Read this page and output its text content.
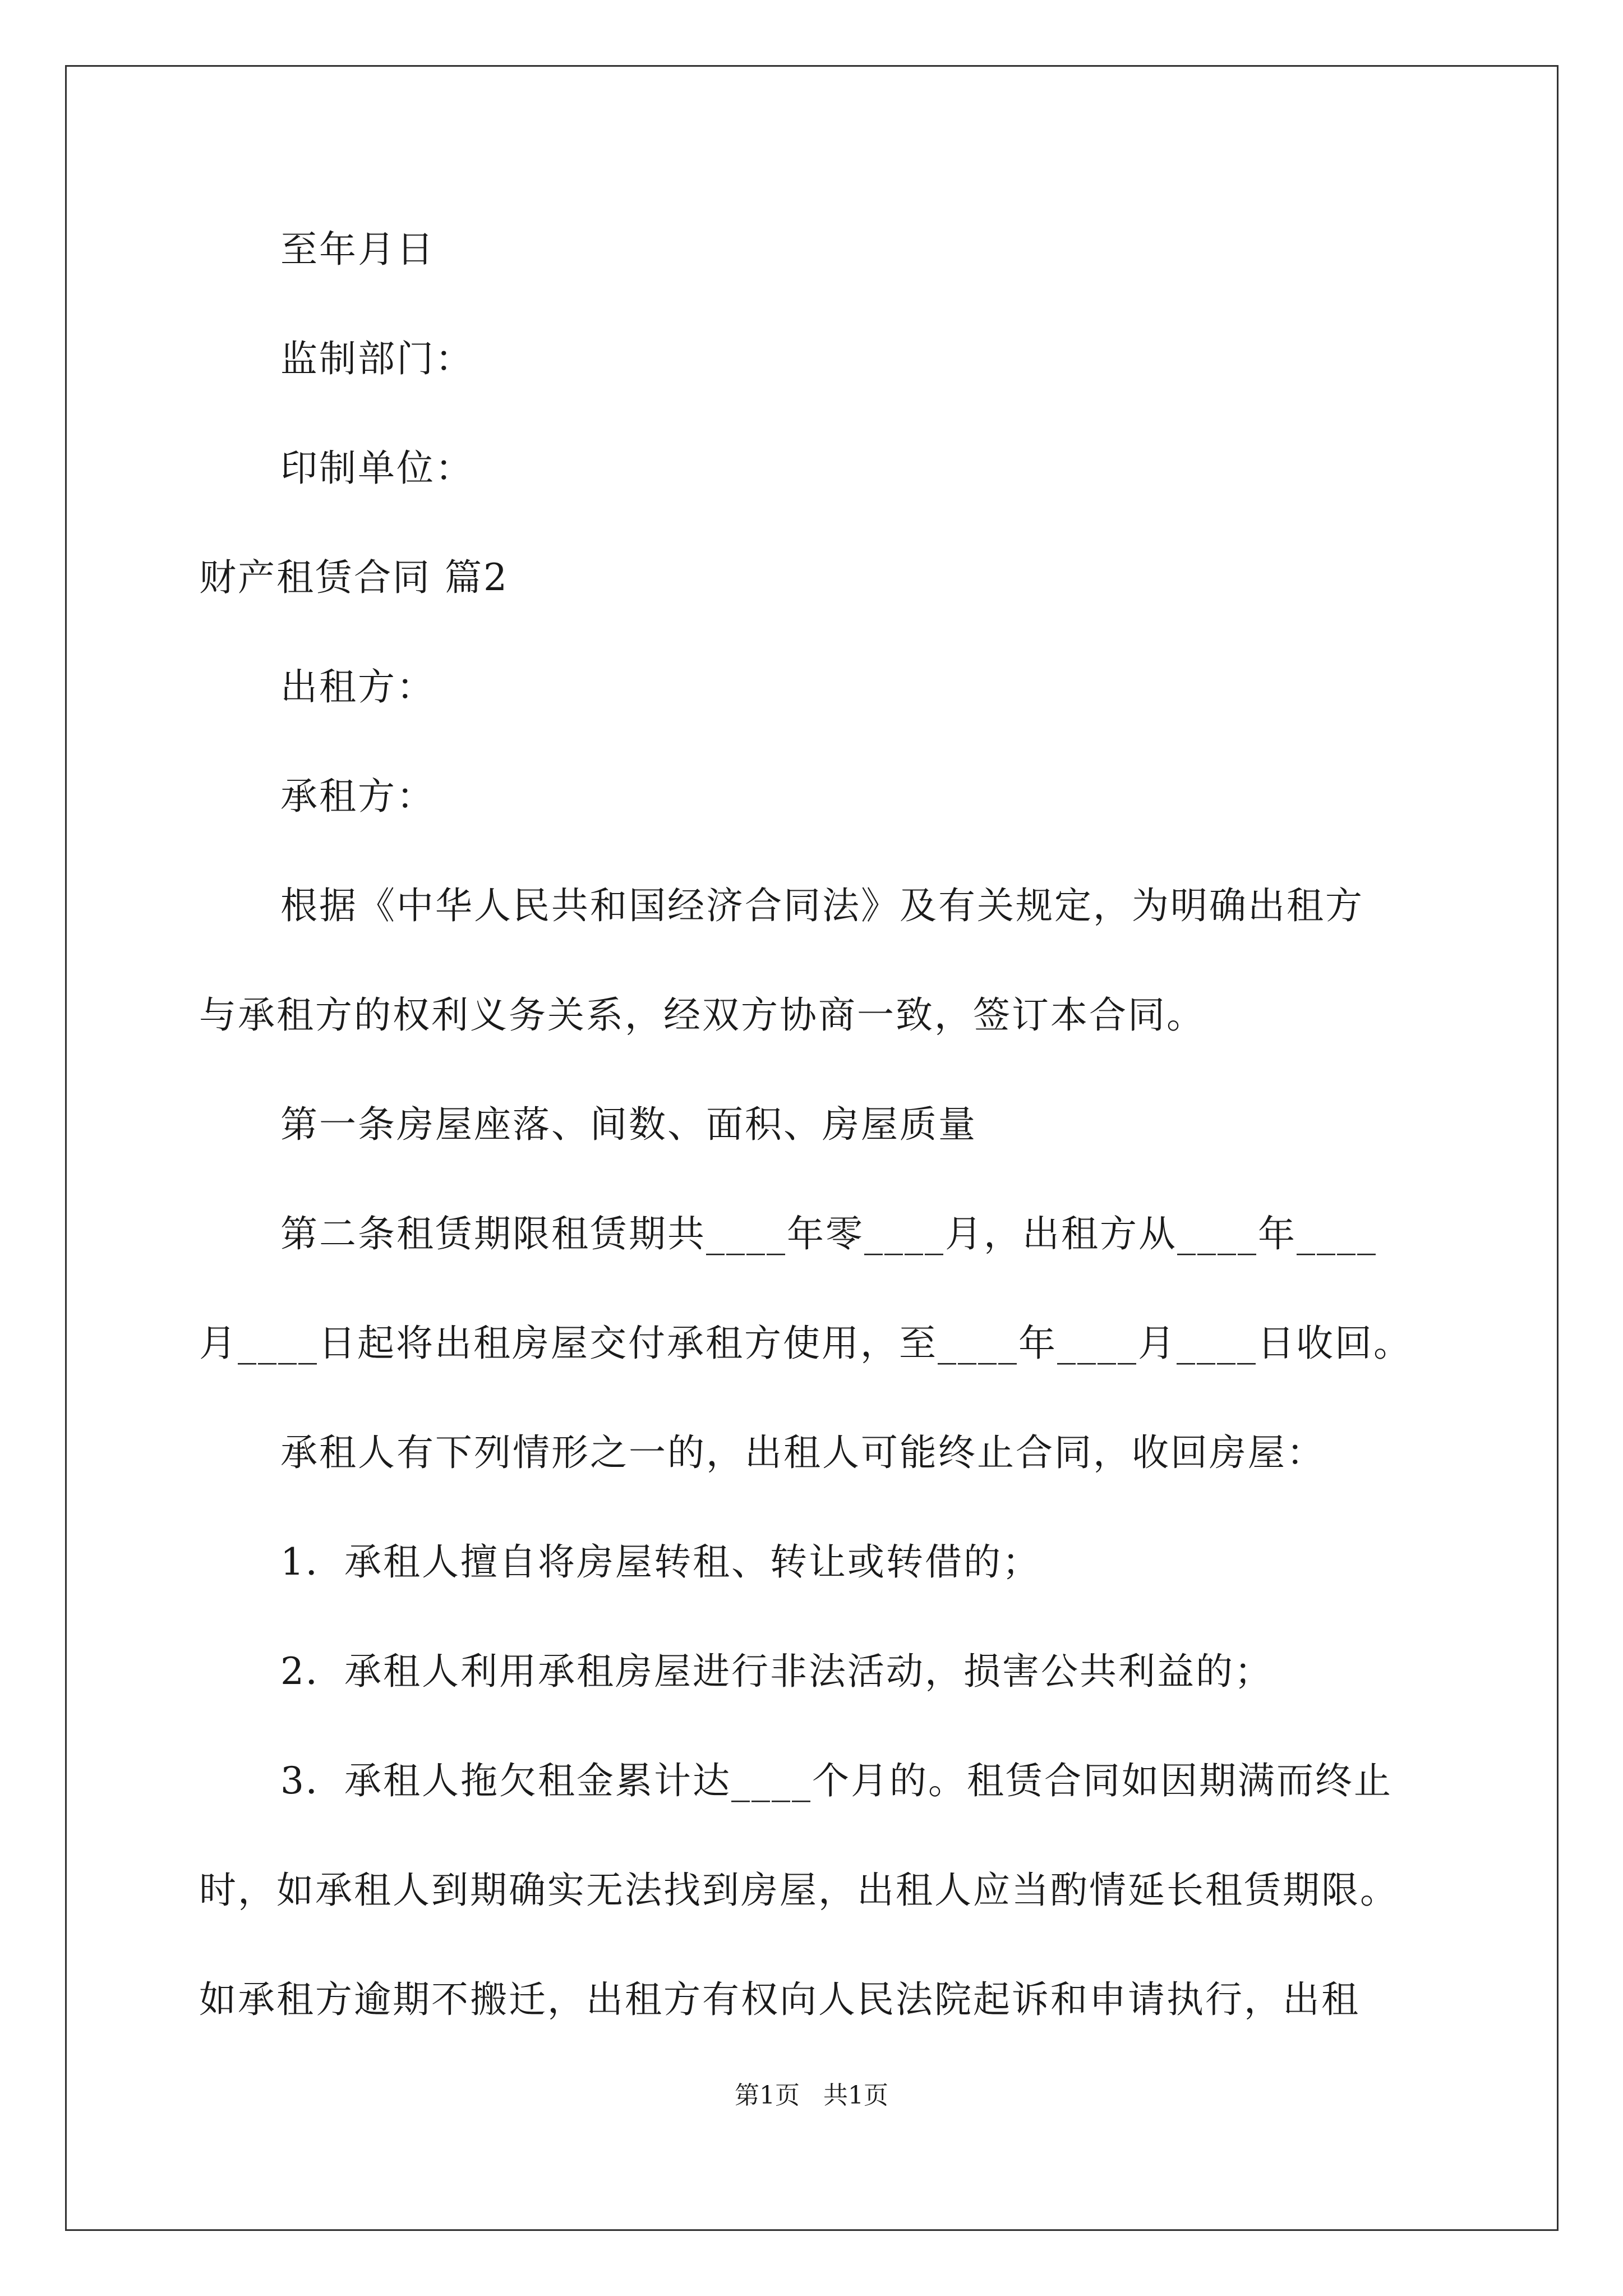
至年月日
监制部门：
印制单位：
财产租赁合同 篇2
出租方：
承租方：
根据《中华人民共和国经济合同法》及有关规定，为明确出租方
与承租方的权利义务关系，经双方协商一致，签订本合同。
第一条房屋座落、间数、面积、房屋质量
第二条租赁期限租赁期共____年零____月，出租方从____年____
月____日起将出租房屋交付承租方使用，至____年____月____日收回。
承租人有下列情形之一的，出租人可能终止合同，收回房屋：
1．承租人擅自将房屋转租、转让或转借的；
2．承租人利用承租房屋进行非法活动，损害公共利益的；
3．承租人拖欠租金累计达____个月的。租赁合同如因期满而终止
时，如承租人到期确实无法找到房屋，出租人应当酌情延长租赁期限。
如承租方逾期不搬迁，出租方有权向人民法院起诉和申请执行，出租
第1页   共1页
